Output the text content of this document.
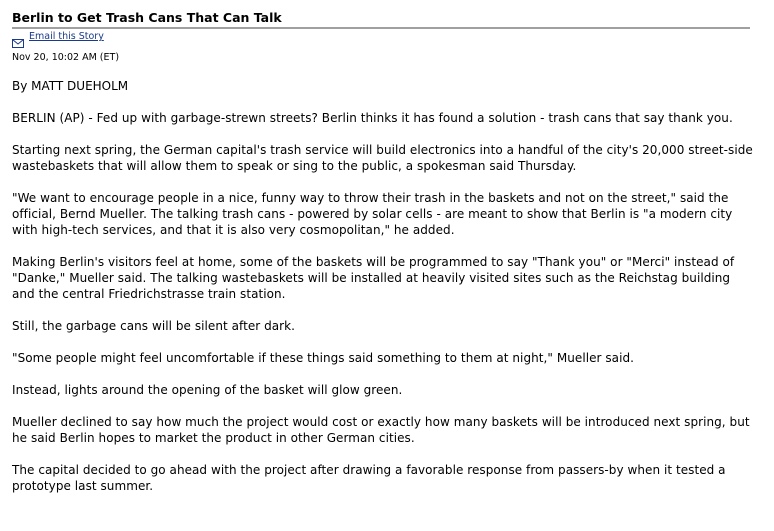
Berlin to Get Trash Cans That Can Talk
Email this Story
Nov 20, 10:02 AM (ET)
By MATT DUEHOLM

BERLIN (AP) - Fed up with garbage-strewn streets? Berlin thinks it has found a solution - trash cans that say thank you.

Starting next spring, the German capital's trash service will build electronics into a handful of the city's 20,000 street-side wastebaskets that will allow them to speak or sing to the public, a spokesman said Thursday.

"We want to encourage people in a nice, funny way to throw their trash in the baskets and not on the street," said the official, Bernd Mueller. The talking trash cans - powered by solar cells - are meant to show that Berlin is "a modern city with high-tech services, and that it is also very cosmopolitan," he added.

Making Berlin's visitors feel at home, some of the baskets will be programmed to say "Thank you" or "Merci" instead of "Danke," Mueller said. The talking wastebaskets will be installed at heavily visited sites such as the Reichstag building and the central Friedrichstrasse train station.

Still, the garbage cans will be silent after dark.

"Some people might feel uncomfortable if these things said something to them at night," Mueller said.

Instead, lights around the opening of the basket will glow green.

Mueller declined to say how much the project would cost or exactly how many baskets will be introduced next spring, but he said Berlin hopes to market the product in other German cities.

The capital decided to go ahead with the project after drawing a favorable response from passers-by when it tested a prototype last summer.
